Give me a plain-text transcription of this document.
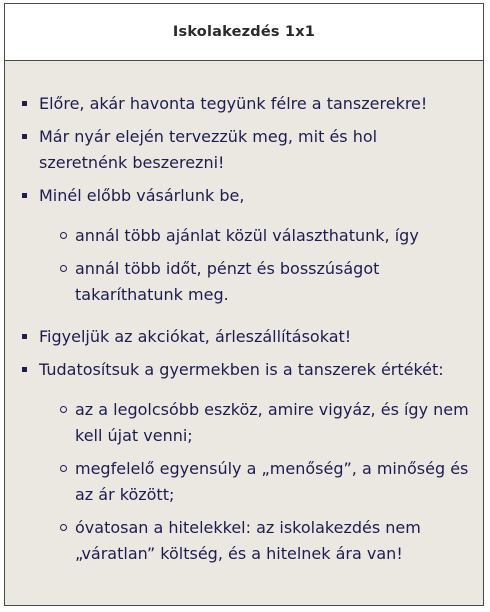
Iskolakezdés 1x1
Előre, akár havonta tegyünk félre a tanszerekre!
Már nyár elején tervezzük meg, mit és hol szeretnénk beszerezni!
Minél előbb vásárlunk be,
annál több ajánlat közül választhatunk, így
annál több időt, pénzt és bosszúságot takaríthatunk meg.
Figyeljük az akciókat, árleszállításokat!
Tudatosítsuk a gyermekben is a tanszerek értékét:
az a legolcsóbb eszköz, amire vigyáz, és így nem kell újat venni;
megfelelő egyensúly a „menőség”, a minőség és az ár között;
óvatosan a hitelekkel: az iskolakezdés nem „váratlan” költség, és a hitelnek ára van!
